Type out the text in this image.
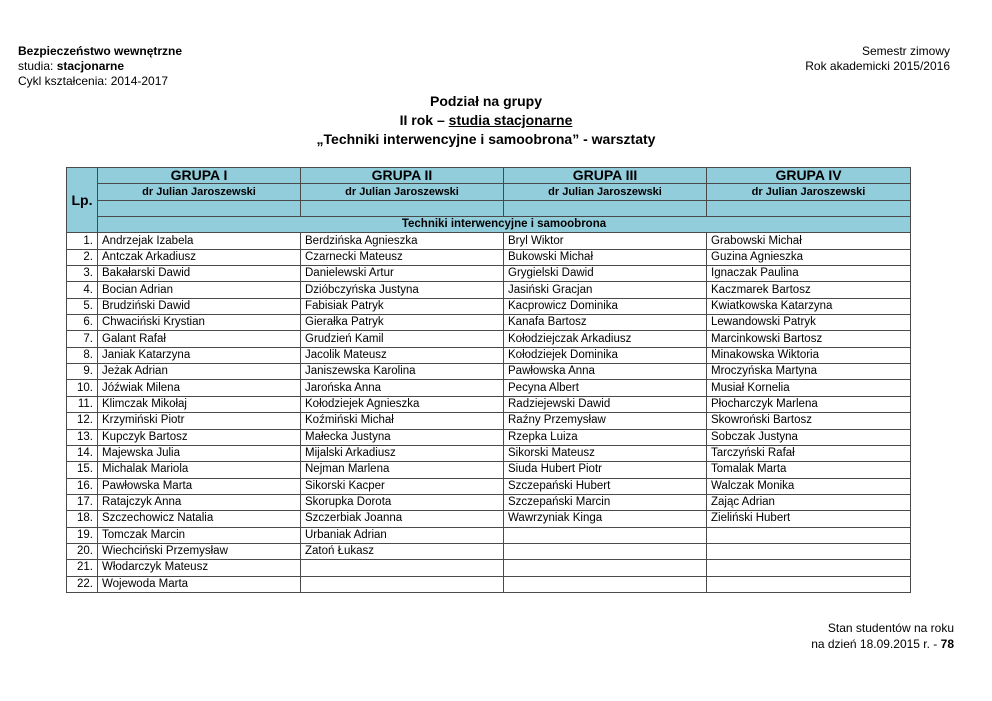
Bezpieczeństwo wewnętrzne
studia: stacjonarne
Cykl kształcenia: 2014-2017
Semestr zimowy
Rok akademicki 2015/2016
Podział na grupy
II rok – studia stacjonarne
„Techniki interwencyjne i samoobrona” - warsztaty
Lp.	GRUPA I	GRUPA II	GRUPA III	GRUPA IV
	dr Julian Jaroszewski	dr Julian Jaroszewski	dr Julian Jaroszewski	dr Julian Jaroszewski

	Techniki interwencyjne i samoobrona			
1.	Andrzejak Izabela	Berdzińska Agnieszka	Bryl Wiktor	Grabowski Michał
2.	Antczak Arkadiusz	Czarnecki Mateusz	Bukowski Michał	Guzina Agnieszka
3.	Bakałarski Dawid	Danielewski Artur	Grygielski Dawid	Ignaczak Paulina
4.	Bocian Adrian	Dzióbczyńska Justyna	Jasiński Gracjan	Kaczmarek Bartosz
5.	Brudziński Dawid	Fabisiak Patryk	Kacprowicz Dominika	Kwiatkowska Katarzyna
6.	Chwaciński Krystian	Gierałka Patryk	Kanafa Bartosz	Lewandowski Patryk
7.	Galant Rafał	Grudzień Kamil	Kołodziejczak Arkadiusz	Marcinkowski Bartosz
8.	Janiak Katarzyna	Jacolik Mateusz	Kołodziejek Dominika	Minakowska Wiktoria
9.	Jeżak Adrian	Janiszewska Karolina	Pawłowska Anna	Mroczyńska Martyna
10.	Jóźwiak Milena	Jarońska Anna	Pecyna Albert	Musiał Kornelia
11.	Klimczak Mikołaj	Kołodziejek Agnieszka	Radziejewski Dawid	Płocharczyk Marlena
12.	Krzymiński Piotr	Koźmiński Michał	Raźny Przemysław	Skowroński Bartosz
13.	Kupczyk Bartosz	Małecka Justyna	Rzepka Luiza	Sobczak Justyna
14.	Majewska Julia	Mijalski Arkadiusz	Sikorski Mateusz	Tarczyński Rafał
15.	Michalak Mariola	Nejman Marlena	Siuda Hubert Piotr	Tomalak Marta
16.	Pawłowska Marta	Sikorski Kacper	Szczepański Hubert	Walczak Monika
17.	Ratajczyk Anna	Skorupka Dorota	Szczepański Marcin	Zając Adrian
18.	Szczechowicz Natalia	Szczerbiak Joanna	Wawrzyniak Kinga	Zieliński Hubert
19.	Tomczak Marcin	Urbaniak Adrian		
20.	Wiechciński Przemysław	Zatoń Łukasz		
21.	Włodarczyk Mateusz			
22.	Wojewoda Marta			
Stan studentów na roku
na dzień 18.09.2015 r. - 78
